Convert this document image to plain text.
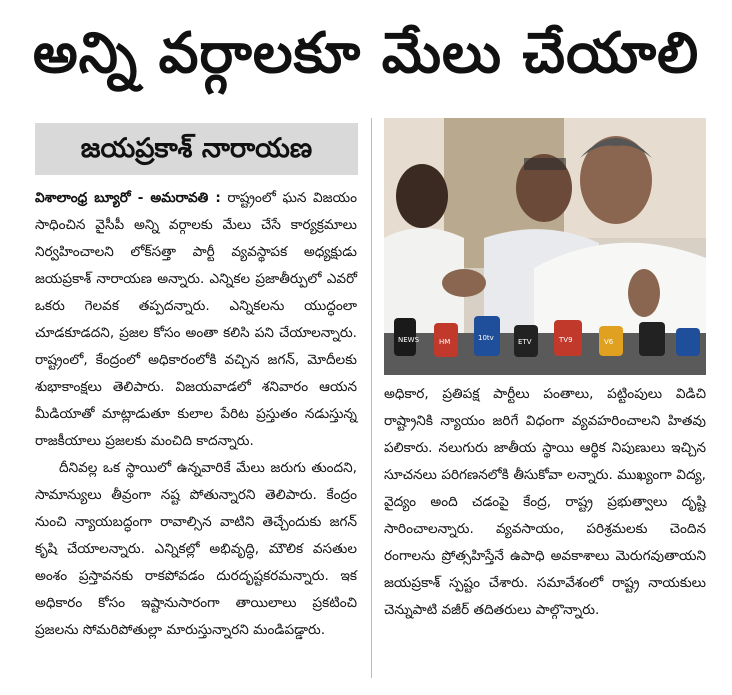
అన్ని వర్గాలకూ మేలు చేయాలి
జయప్రకాశ్ నారాయణ

విశాలాంధ్ర బ్యూరో - అమరావతి : రాష్ట్రంలో ఘన విజయం సాధించిన వైసీపీ అన్ని వర్గాలకు మేలు చేసే కార్యక్రమాలు నిర్వహించాలని లోక్‌సత్తా పార్టీ వ్యవస్థాపక అధ్యక్షుడు జయప్రకాశ్ నారాయణ అన్నారు. ఎన్నికల ప్రజాతీర్పులో ఎవరో ఒకరు గెలవక తప్పదన్నారు. ఎన్నికలను యుద్ధంలా చూడకూడదని, ప్రజల కోసం అంతా కలిసి పని చేయాలన్నారు. రాష్ట్రంలో, కేంద్రంలో అధికారంలోకి వచ్చిన జగన్, మోదీలకు శుభాకాంక్షలు తెలిపారు. విజయవాడలో శనివారం ఆయన మీడియాతో మాట్లాడుతూ కులాల పేరిట ప్రస్తుతం నడుస్తున్న రాజకీయాలు ప్రజలకు మంచిది కాదన్నారు.

దీనివల్ల ఒక స్థాయిలో ఉన్నవారికే మేలు జరుగు తుందని, సామాన్యులు తీవ్రంగా నష్ట పోతున్నారని తెలిపారు. కేంద్రం నుంచి న్యాయబద్ధంగా రావాల్సిన వాటిని తెచ్చేందుకు జగన్ కృషి చేయాలన్నారు. ఎన్నికల్లో అభివృద్ధి, మౌలిక వసతుల అంశం ప్రస్తావనకు రాకపోవడం దురదృష్టకరమన్నారు. ఇక అధికారం కోసం ఇష్టానుసారంగా తాయిలాలు ప్రకటించి ప్రజలను సోమరిపోతుల్లా మారుస్తున్నారని మండిపడ్డారు.

NEWS	HM	10tv	ETV	TV9	V6

అధికార, ప్రతిపక్ష పార్టీలు పంతాలు, పట్టింపులు విడిచి రాష్ట్రానికి న్యాయం జరిగే విధంగా వ్యవహరించాలని హితవు పలికారు. నలుగురు జాతీయ స్థాయి ఆర్థిక నిపుణులు ఇచ్చిన సూచనలు పరిగణనలోకి తీసుకోవా లన్నారు. ముఖ్యంగా విద్య, వైద్యం అంది చడంపై కేంద్ర, రాష్ట్ర ప్రభుత్వాలు దృష్టి సారించాలన్నారు. వ్యవసాయం, పరిశ్రమలకు చెందిన రంగాలను ప్రోత్సహిస్తేనే ఉపాధి అవకాశాలు మెరుగవుతాయని జయప్రకాశ్ స్పష్టం చేశారు. సమావేశంలో రాష్ట్ర నాయకులు చెన్నుపాటి వజీర్ తదితరులు పాల్గొన్నారు.
